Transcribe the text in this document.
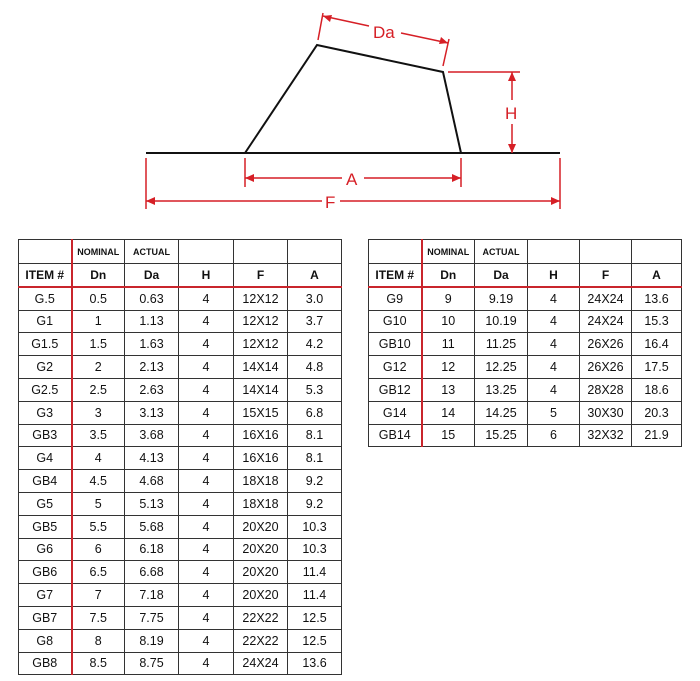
Da
H
A
F
	NOMINAL	ACTUAL			
ITEM #	Dn	Da	H	F	A
G.5	0.5	0.63	4	12X12	3.0
G1	1	1.13	4	12X12	3.7
G1.5	1.5	1.63	4	12X12	4.2
G2	2	2.13	4	14X14	4.8
G2.5	2.5	2.63	4	14X14	5.3
G3	3	3.13	4	15X15	6.8
GB3	3.5	3.68	4	16X16	8.1
G4	4	4.13	4	16X16	8.1
GB4	4.5	4.68	4	18X18	9.2
G5	5	5.13	4	18X18	9.2
GB5	5.5	5.68	4	20X20	10.3
G6	6	6.18	4	20X20	10.3
GB6	6.5	6.68	4	20X20	11.4
G7	7	7.18	4	20X20	11.4
GB7	7.5	7.75	4	22X22	12.5
G8	8	8.19	4	22X22	12.5
GB8	8.5	8.75	4	24X24	13.6
	NOMINAL	ACTUAL			
ITEM #	Dn	Da	H	F	A
G9	9	9.19	4	24X24	13.6
G10	10	10.19	4	24X24	15.3
GB10	11	11.25	4	26X26	16.4
G12	12	12.25	4	26X26	17.5
GB12	13	13.25	4	28X28	18.6
G14	14	14.25	5	30X30	20.3
GB14	15	15.25	6	32X32	21.9
